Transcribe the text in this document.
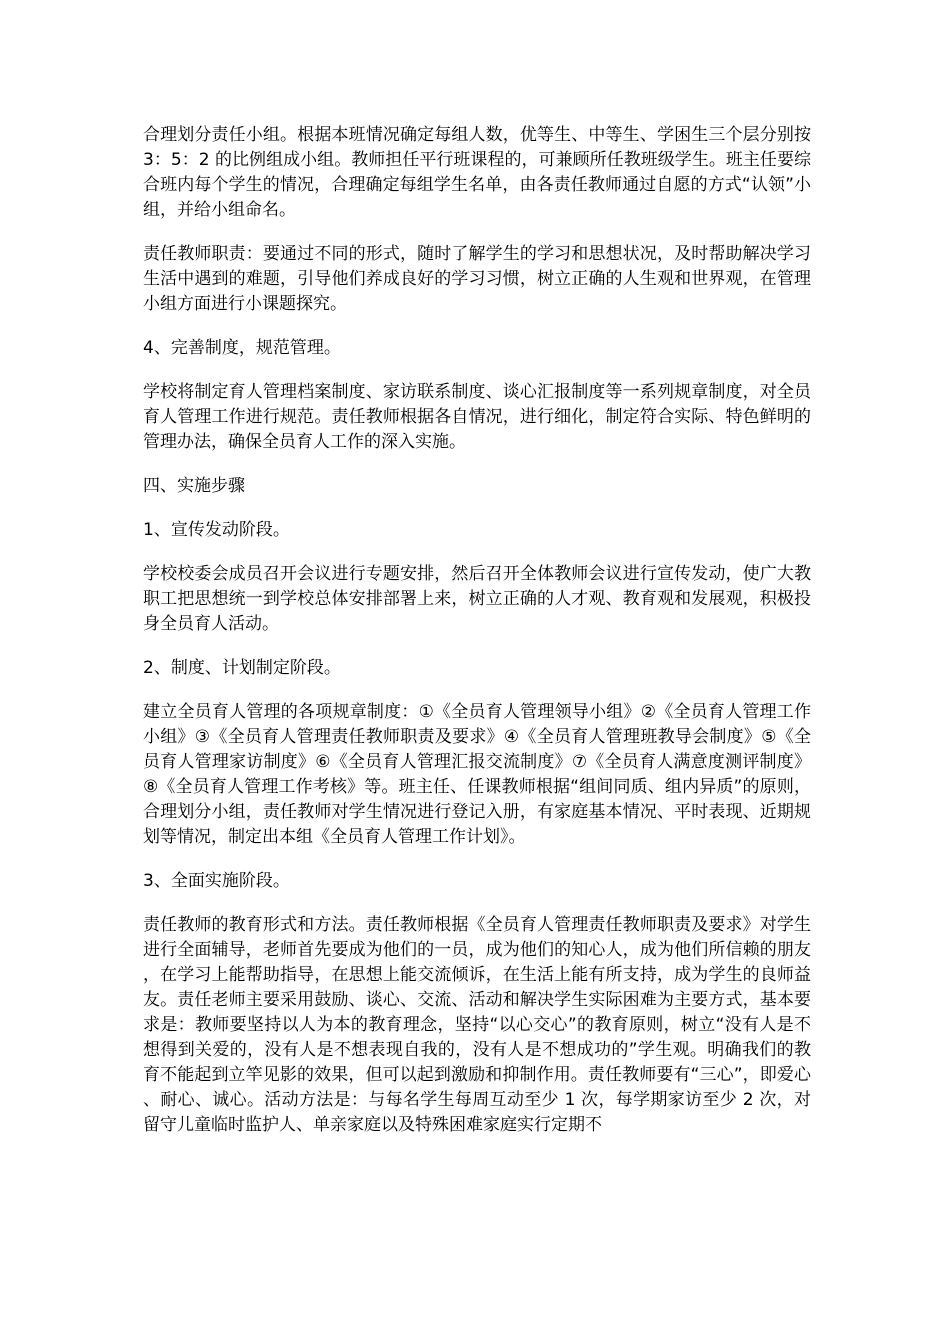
合理划分责任小组。根据本班情况确定每组人数，优等生、中等生、学困生三个层分别按 3：5：2 的比例组成小组。教师担任平行班课程的，可兼顾所任教班级学生。班主任要综合班内每个学生的情况，合理确定每组学生名单，由各责任教师通过自愿的方式“认领”小组，并给小组命名。

责任教师职责：要通过不同的形式，随时了解学生的学习和思想状况，及时帮助解决学习生活中遇到的难题，引导他们养成良好的学习习惯，树立正确的人生观和世界观，在管理小组方面进行小课题探究。

4、完善制度，规范管理。

学校将制定育人管理档案制度、家访联系制度、谈心汇报制度等一系列规章制度，对全员育人管理工作进行规范。责任教师根据各自情况，进行细化，制定符合实际、特色鲜明的管理办法，确保全员育人工作的深入实施。

四、实施步骤

1、宣传发动阶段。

学校校委会成员召开会议进行专题安排，然后召开全体教师会议进行宣传发动，使广大教职工把思想统一到学校总体安排部署上来，树立正确的人才观、教育观和发展观，积极投身全员育人活动。

2、制度、计划制定阶段。

建立全员育人管理的各项规章制度：①《全员育人管理领导小组》②《全员育人管理工作小组》③《全员育人管理责任教师职责及要求》④《全员育人管理班教导会制度》⑤《全员育人管理家访制度》⑥《全员育人管理汇报交流制度》⑦《全员育人满意度测评制度》⑧《全员育人管理工作考核》等。班主任、任课教师根据“组间同质、组内异质”的原则，合理划分小组，责任教师对学生情况进行登记入册，有家庭基本情况、平时表现、近期规划等情况，制定出本组《全员育人管理工作计划》。

3、全面实施阶段。

责任教师的教育形式和方法。责任教师根据《全员育人管理责任教师职责及要求》对学生进行全面辅导，老师首先要成为他们的一员，成为他们的知心人，成为他们所信赖的朋友，在学习上能帮助指导，在思想上能交流倾诉，在生活上能有所支持，成为学生的良师益友。责任老师主要采用鼓励、谈心、交流、活动和解决学生实际困难为主要方式，基本要求是：教师要坚持以人为本的教育理念，坚持“以心交心”的教育原则，树立“没有人是不想得到关爱的，没有人是不想表现自我的，没有人是不想成功的”学生观。明确我们的教育不能起到立竿见影的效果，但可以起到激励和抑制作用。责任教师要有“三心”，即爱心、耐心、诚心。活动方法是：与每名学生每周互动至少 1 次，每学期家访至少 2 次，对留守儿童临时监护人、单亲家庭以及特殊困难家庭实行定期不
